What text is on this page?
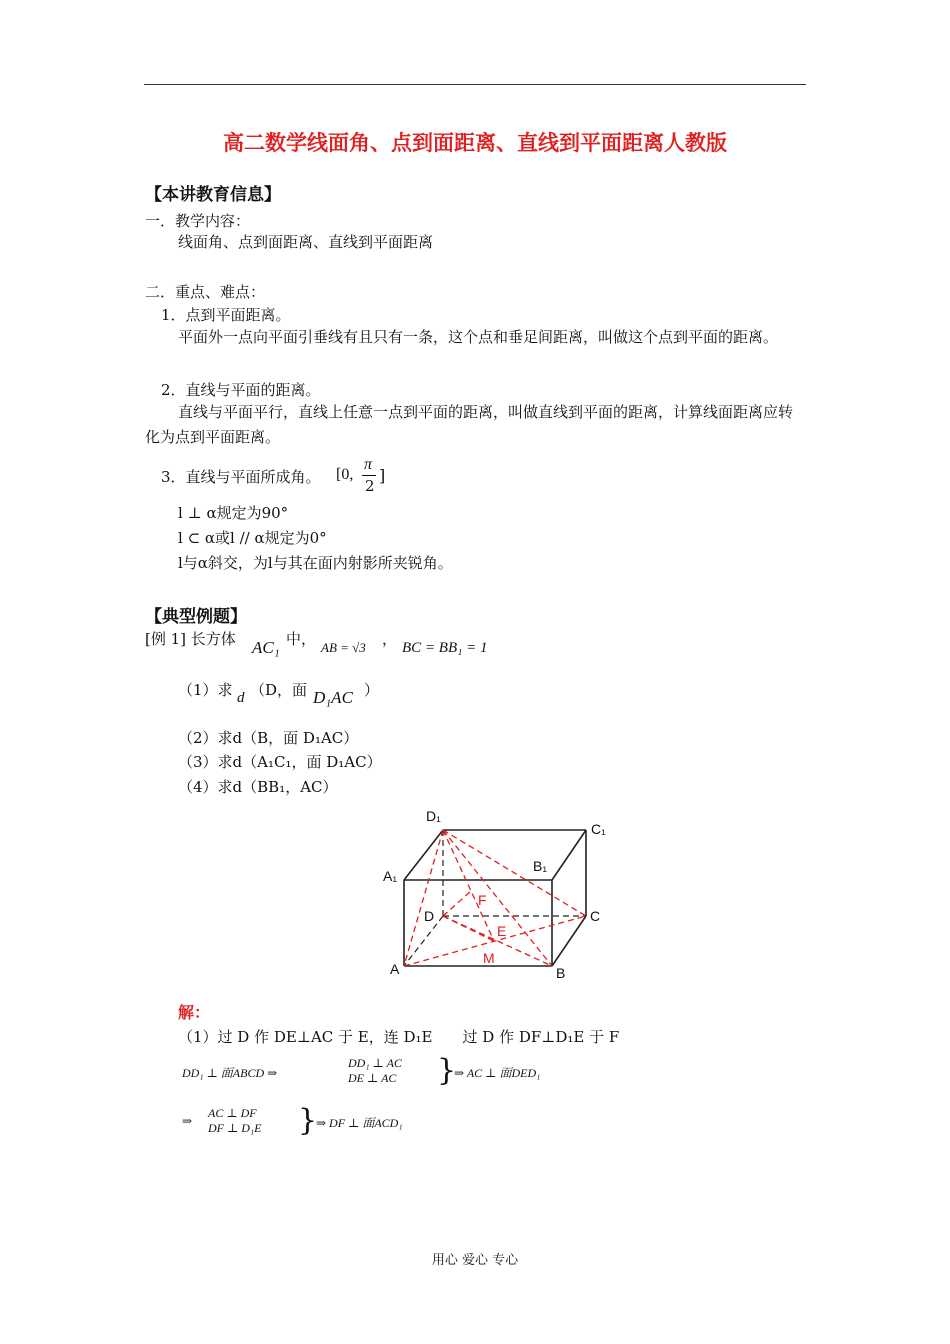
高二数学线面角、点到面距离、直线到平面距离人教版
【本讲教育信息】
一．教学内容：
线面角、点到面距离、直线到平面距离
二．重点、难点：
1．点到平面距离。
平面外一点向平面引垂线有且只有一条，这个点和垂足间距离，叫做这个点到平面的距离。
2．直线与平面的距离。
直线与平面平行，直线上任意一点到平面的距离，叫做直线到平面的距离，计算线面距离应转化为点到平面距离。
3．直线与平面所成角。 [0,
π
2
]
l ⊥ α规定为90°
l ⊂ α或l // α规定为0°
l与α斜交，为l与其在面内射影所夹锐角。
【典型例题】
[例 1] 长方体 AC₁ 中， AB = √3 ， BC = BB₁ = 1
（1）求 d （D，面 D₁AC ）
（2）求d（B，面 D₁AC）
（3）求d（A₁C₁，面 D₁AC）
（4）求d（BB₁，AC）
D₁
C₁
B₁
A₁
D	C
A	B
F
E
M
解：
（1）过 D 作 DE⊥AC 于 E，连 D₁E　　过 D 作 DF⊥D₁E 于 F
DD₁ ⊥ 面ABCD ⇒
DD₁ ⊥ AC
DE ⊥ AC }
⇒ AC ⊥ 面DED₁
⇒
AC ⊥ DF
DF ⊥ D₁E }
⇒ DF ⊥ 面ACD₁
用心 爱心 专心
